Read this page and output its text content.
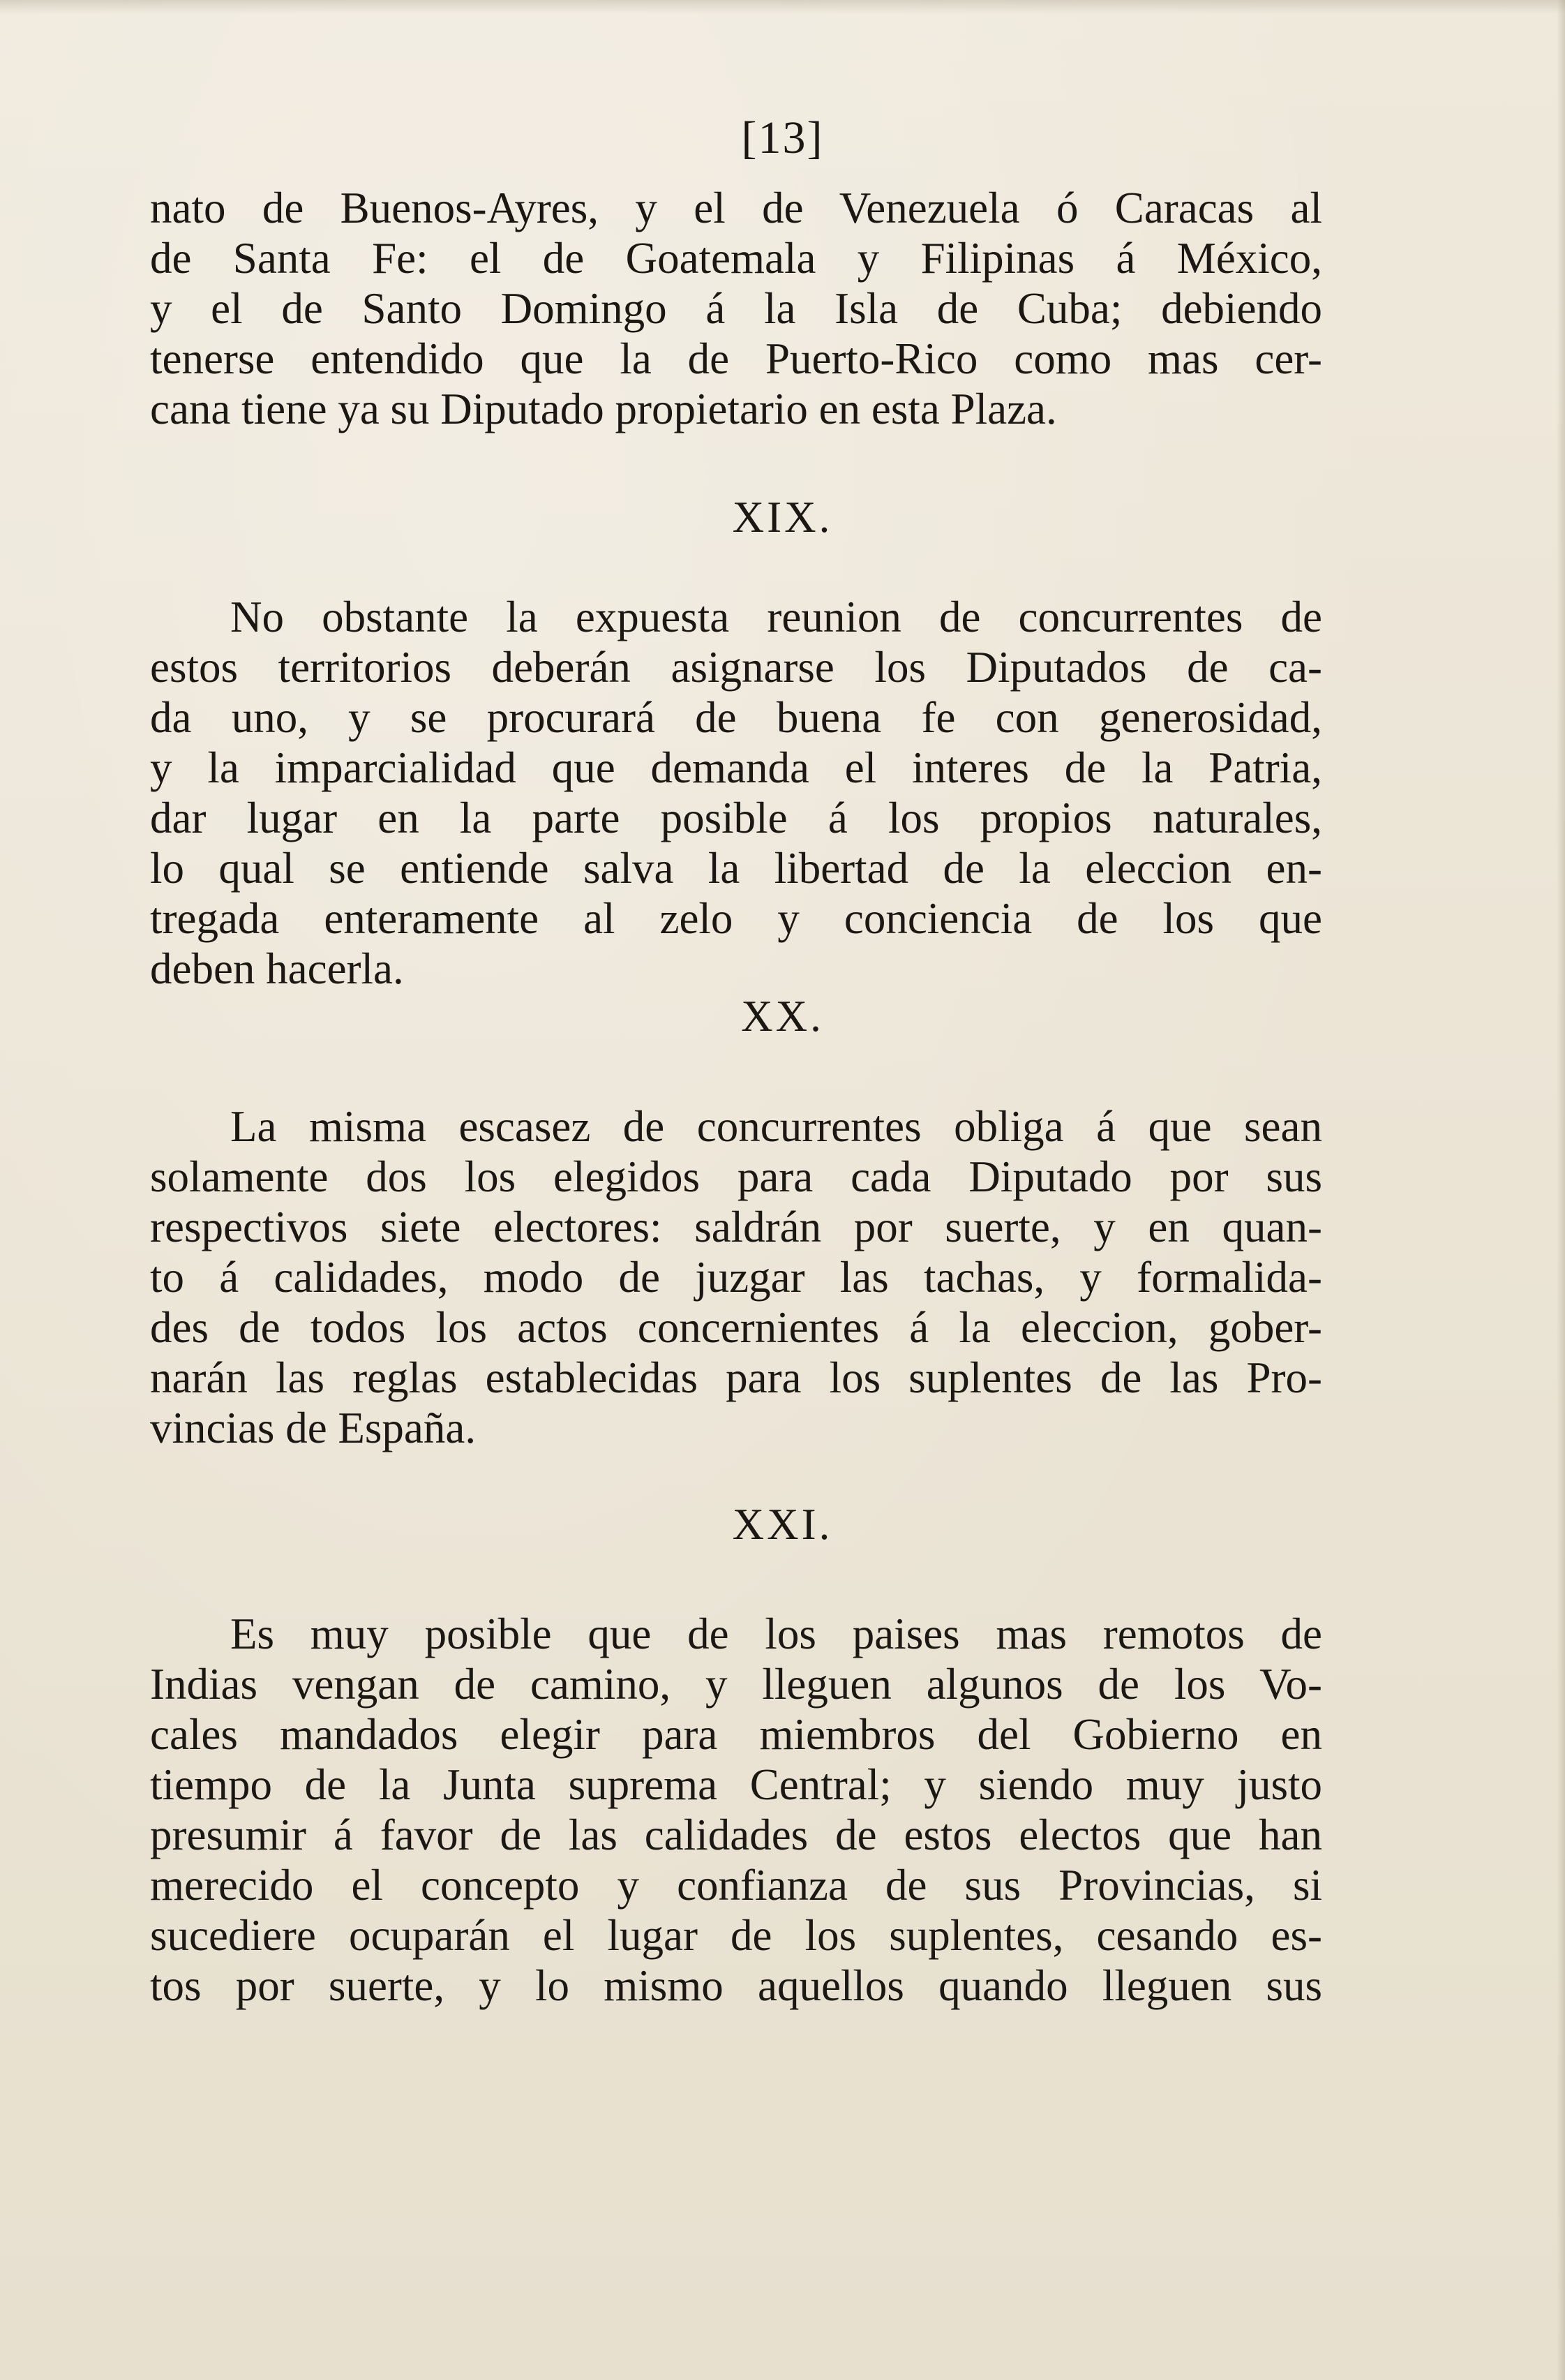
[13]
nato de Buenos-Ayres, y el de Venezuela ó Caracas al
de Santa Fe: el de Goatemala y Filipinas á México,
y el de Santo Domingo á la Isla de Cuba; debiendo
tenerse entendido que la de Puerto-Rico como mas cer-
cana tiene ya su Diputado propietario en esta Plaza.
XIX.
No obstante la expuesta reunion de concurrentes de
estos territorios deberán asignarse los Diputados de ca-
da uno, y se procurará de buena fe con generosidad,
y la imparcialidad que demanda el interes de la Patria,
dar lugar en la parte posible á los propios naturales,
lo qual se entiende salva la libertad de la eleccion en-
tregada enteramente al zelo y conciencia de los que
deben hacerla.
XX.
La misma escasez de concurrentes obliga á que sean
solamente dos los elegidos para cada Diputado por sus
respectivos siete electores: saldrán por suerte, y en quan-
to á calidades, modo de juzgar las tachas, y formalida-
des de todos los actos concernientes á la eleccion, gober-
narán las reglas establecidas para los suplentes de las Pro-
vincias de España.
XXI.
Es muy posible que de los paises mas remotos de
Indias vengan de camino, y lleguen algunos de los Vo-
cales mandados elegir para miembros del Gobierno en
tiempo de la Junta suprema Central; y siendo muy justo
presumir á favor de las calidades de estos electos que han
merecido el concepto y confianza de sus Provincias, si
sucediere ocuparán el lugar de los suplentes, cesando es-
tos por suerte, y lo mismo aquellos quando lleguen sus
